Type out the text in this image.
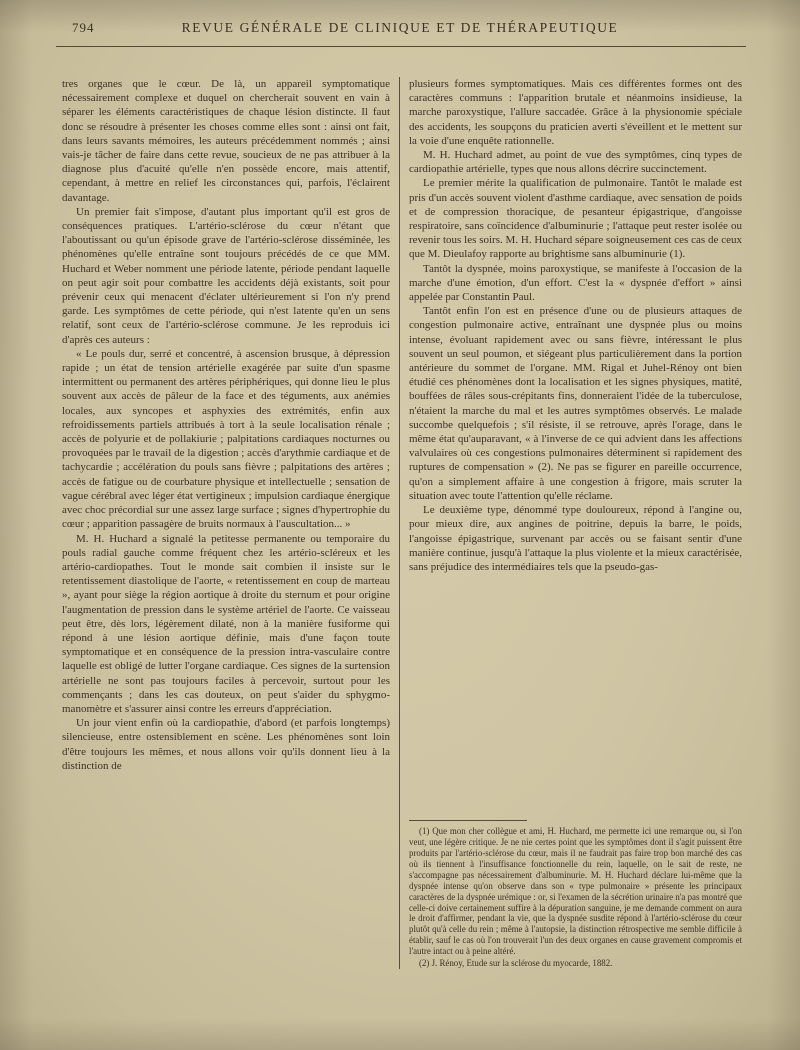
794	REVUE GÉNÉRALE DE CLINIQUE ET DE THÉRAPEUTIQUE

tres organes que le cœur. De là, un appareil symptomatique nécessairement complexe et duquel on chercherait souvent en vain à séparer les éléments caractéristiques de chaque lésion distincte. Il faut donc se résoudre à présenter les choses comme elles sont : ainsi ont fait, dans leurs savants mémoires, les auteurs précédemment nommés ; ainsi vais-je tâcher de faire dans cette revue, soucieux de ne pas attribuer à la diagnose plus d'acuité qu'elle n'en possède encore, mais attentif, cependant, à mettre en relief les circonstances qui, parfois, l'éclairent davantage.

Un premier fait s'impose, d'autant plus important qu'il est gros de conséquences pratiques. L'artério-sclérose du cœur n'étant que l'aboutissant ou qu'un épisode grave de l'artério-sclérose disséminée, les phénomènes qu'elle entraîne sont toujours précédés de ce que MM. Huchard et Weber nomment une période latente, période pendant laquelle on peut agir soit pour combattre les accidents déjà existants, soit pour prévenir ceux qui menacent d'éclater ultérieurement si l'on n'y prend garde. Les symptômes de cette période, qui n'est latente qu'en un sens relatif, sont ceux de l'artério-sclérose commune. Je les reproduis ici d'après ces auteurs :

« Le pouls dur, serré et concentré, à ascension brusque, à dépression rapide ; un état de tension artérielle exagérée par suite d'un spasme intermittent ou permanent des artères périphériques, qui donne lieu le plus souvent aux accès de pâleur de la face et des téguments, aux anémies locales, aux syncopes et asphyxies des extrémités, enfin aux refroidissements partiels attribués à tort à la seule localisation rénale ; accès de polyurie et de pollakiurie ; palpitations cardiaques nocturnes ou provoquées par le travail de la digestion ; accès d'arythmie cardiaque et de tachycardie ; accélération du pouls sans fièvre ; palpitations des artères ; accès de fatigue ou de courbature physique et intellectuelle ; sensation de vague cérébral avec léger état vertigineux ; impulsion cardiaque énergique avec choc précordial sur une assez large surface ; signes d'hypertrophie du cœur ; apparition passagère de bruits normaux à l'auscultation... »

M. H. Huchard a signalé la petitesse permanente ou temporaire du pouls radial gauche comme fréquent chez les artério-scléreux et les artério-cardiopathes. Tout le monde sait combien il insiste sur le retentissement diastolique de l'aorte, « retentissement en coup de marteau », ayant pour siège la région aortique à droite du sternum et pour origine l'augmentation de pression dans le système artériel de l'aorte. Ce vaisseau peut être, dès lors, légèrement dilaté, non à la manière fusiforme qui répond à une lésion aortique définie, mais d'une façon toute symptomatique et en conséquence de la pression intra-vasculaire contre laquelle est obligé de lutter l'organe cardiaque. Ces signes de la surtension artérielle ne sont pas toujours faciles à percevoir, surtout pour les commençants ; dans les cas douteux, on peut s'aider du sphygmo-manomètre et s'assurer ainsi contre les erreurs d'appréciation.

Un jour vient enfin où la cardiopathie, d'abord (et parfois longtemps) silencieuse, entre ostensiblement en scène. Les phénomènes sont loin d'être toujours les mêmes, et nous allons voir qu'ils donnent lieu à la distinction de

plusieurs formes symptomatiques. Mais ces différentes formes ont des caractères communs : l'apparition brutale et néanmoins insidieuse, la marche paroxystique, l'allure saccadée. Grâce à la physionomie spéciale des accidents, les soupçons du praticien averti s'éveillent et le mettent sur la voie d'une enquête rationnelle.

M. H. Huchard admet, au point de vue des symptômes, cinq types de cardiopathie artérielle, types que nous allons décrire succinctement.

Le premier mérite la qualification de pulmonaire. Tantôt le malade est pris d'un accès souvent violent d'asthme cardiaque, avec sensation de poids et de compression thoracique, de pesanteur épigastrique, d'angoisse respiratoire, sans coïncidence d'albuminurie ; l'attaque peut rester isolée ou revenir tous les soirs. M. H. Huchard sépare soigneusement ces cas de ceux que M. Dieulafoy rapporte au brightisme sans albuminurie (1).

Tantôt la dyspnée, moins paroxystique, se manifeste à l'occasion de la marche d'une émotion, d'un effort. C'est la « dyspnée d'effort » ainsi appelée par Constantin Paul.

Tantôt enfin l'on est en présence d'une ou de plusieurs attaques de congestion pulmonaire active, entraînant une dyspnée plus ou moins intense, évoluant rapidement avec ou sans fièvre, intéressant le plus souvent un seul poumon, et siégeant plus particulièrement dans la portion antérieure du sommet de l'organe. MM. Rigal et Juhel-Rénoy ont bien étudié ces phénomènes dont la localisation et les signes physiques, matité, bouffées de râles sous-crépitants fins, donneraient l'idée de la tuberculose, n'étaient la marche du mal et les autres symptômes observés. Le malade succombe quelquefois ; s'il résiste, il se retrouve, après l'orage, dans le même état qu'auparavant, « à l'inverse de ce qui advient dans les affections valvulaires où ces congestions pulmonaires déterminent si rapidement des ruptures de compensation » (2). Ne pas se figurer en pareille occurrence, qu'on a simplement affaire à une congestion à frigore, mais scruter la situation avec toute l'attention qu'elle réclame.

Le deuxième type, dénommé type douloureux, répond à l'angine ou, pour mieux dire, aux angines de poitrine, depuis la barre, le poids, l'angoisse épigastrique, survenant par accès ou se faisant sentir d'une manière continue, jusqu'à l'attaque la plus violente et la mieux caractérisée, sans préjudice des intermédiaires tels que la pseudo-gas-

(1) Que mon cher collègue et ami, H. Huchard, me permette ici une remarque ou, si l'on veut, une légère critique. Je ne nie certes point que les symptômes dont il s'agit puissent être produits par l'artério-sclérose du cœur, mais il ne faudrait pas faire trop bon marché des cas où ils tiennent à l'insuffisance fonctionnelle du rein, laquelle, on le sait de reste, ne s'accompagne pas nécessairement d'albuminurie. M. H. Huchard déclare lui-même que la dyspnée intense qu'on observe dans son « type pulmonaire » présente les principaux caractères de la dyspnée urémique : or, si l'examen de la sécrétion urinaire n'a pas montré que celle-ci doive certainement suffire à la dépuration sanguine, je me demande comment on aura le droit d'affirmer, pendant la vie, que la dyspnée susdite répond à l'artério-sclérose du cœur plutôt qu'à celle du rein ; même à l'autopsie, la distinction rétrospective me semble difficile à établir, sauf le cas où l'on trouverait l'un des deux organes en cause gravement compromis et l'autre intact ou à peine altéré.

(2) J. Rénoy, Etude sur la sclérose du myocarde, 1882.
